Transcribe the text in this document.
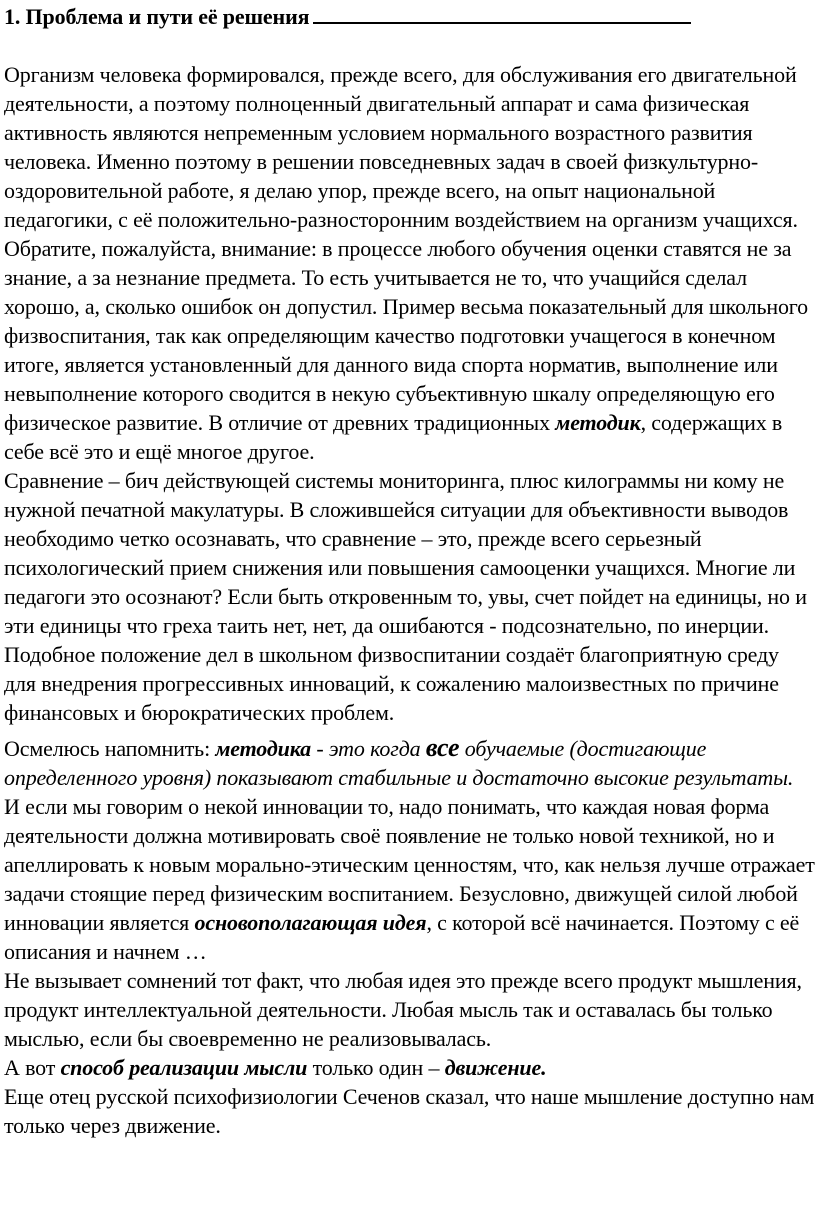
1. Проблема и пути её решения

Организм человека формировался, прежде всего, для обслуживания его двигательной деятельности, а поэтому полноценный двигательный аппарат и сама физическая активность являются непременным условием нормального возрастного развития человека. Именно поэтому в решении повседневных задач в своей физкультурно-оздоровительной работе, я делаю упор, прежде всего, на опыт национальной педагогики, с её положительно-разносторонним воздействием на организм учащихся.

Обратите, пожалуйста, внимание: в процессе любого обучения оценки ставятся не за знание, а за незнание предмета. То есть учитывается не то, что учащийся сделал хорошо, а, сколько ошибок он допустил. Пример весьма показательный для школьного физвоспитания, так как определяющим качество подготовки учащегося в конечном итоге, является установленный для данного вида спорта норматив, выполнение или невыполнение которого сводится в некую субъективную шкалу определяющую его физическое развитие. В отличие от древних традиционных методик, содержащих в себе всё это и ещё многое другое.

Сравнение – бич действующей системы мониторинга, плюс килограммы ни кому не нужной печатной макулатуры. В сложившейся ситуации для объективности выводов необходимо четко осознавать, что сравнение – это, прежде всего серьезный психологический прием снижения или повышения самооценки учащихся. Многие ли педагоги это осознают? Если быть откровенным то, увы, счет пойдет на единицы, но и эти единицы что греха таить нет, нет, да ошибаются - подсознательно, по инерции.

Подобное положение дел в школьном физвоспитании создаёт благоприятную среду для внедрения прогрессивных инноваций, к сожалению малоизвестных по причине финансовых и бюрократических проблем.

Осмелюсь напомнить: методика - это когда все обучаемые (достигающие определенного уровня) показывают стабильные и достаточно высокие результаты.

И если мы говорим о некой инновации то, надо понимать, что каждая новая форма деятельности должна мотивировать своё появление не только новой техникой, но и апеллировать к новым морально-этическим ценностям, что, как нельзя лучше отражает задачи стоящие перед физическим воспитанием. Безусловно, движущей силой любой инновации является основополагающая идея, с которой всё начинается. Поэтому с её описания и начнем …

Не вызывает сомнений тот факт, что любая идея это прежде всего продукт мышления, продукт интеллектуальной деятельности. Любая мысль так и оставалась бы только мыслью, если бы своевременно не реализовывалась.

А вот способ реализации мысли только один – движение.

Еще отец русской психофизиологии Сеченов сказал, что наше мышление доступно нам только через движение.
